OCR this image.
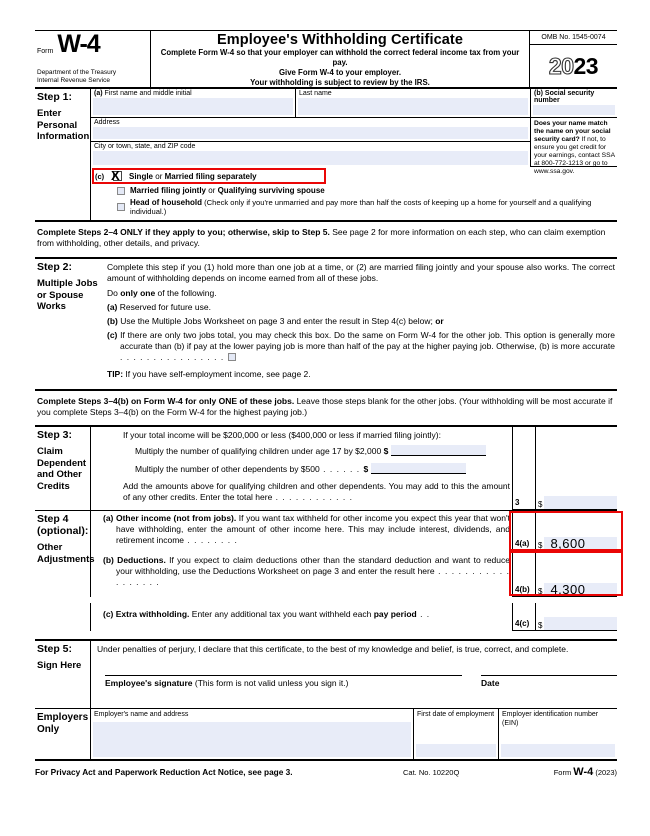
Form W-4
Department of the Treasury
Internal Revenue Service
Employee's Withholding Certificate
Complete Form W-4 so that your employer can withhold the correct federal income tax from your pay.
Give Form W-4 to your employer.
Your withholding is subject to review by the IRS.
OMB No. 1545-0074
20 23
Step 1:
Enter Personal Information
(a) First name and middle initial	Last name
Address
City or town, state, and ZIP code
(b) Social security number
Does your name match the name on your social security card? If not, to ensure you get credit for your earnings, contact SSA at 800-772-1213 or go to www.ssa.gov.
(c) X Single or Married filing separately
Married filing jointly or Qualifying surviving spouse
Head of household (Check only if you're unmarried and pay more than half the costs of keeping up a home for yourself and a qualifying individual.)
Complete Steps 2–4 ONLY if they apply to you; otherwise, skip to Step 5. See page 2 for more information on each step, who can claim exemption from withholding, other details, and privacy.
Step 2:
Multiple Jobs or Spouse Works

Complete this step if you (1) hold more than one job at a time, or (2) are married filing jointly and your spouse also works. The correct amount of withholding depends on income earned from all of these jobs.

Do only one of the following.

(a) Reserved for future use.

(b) Use the Multiple Jobs Worksheet on page 3 and enter the result in Step 4(c) below; or

(c) If there are only two jobs total, you may check this box. Do the same on Form W-4 for the other job. This option is generally more accurate than (b) if pay at the lower paying job is more than half of the pay at the higher paying job. Otherwise, (b) is more accurate . . . . . . . . . . . . . . . .

TIP: If you have self-employment income, see page 2.

Complete Steps 3–4(b) on Form W-4 for only ONE of these jobs. Leave those steps blank for the other jobs. (Your withholding will be most accurate if you complete Steps 3–4(b) on the Form W-4 for the highest paying job.)
Step 3:
Claim Dependent and Other Credits

If your total income will be $200,000 or less ($400,000 or less if married filing jointly):

Multiply the number of qualifying children under age 17 by $2,000 $

Multiply the number of other dependents by $500 . . . . . . $

Add the amounts above for qualifying children and other dependents. You may add to this the amount of any other credits. Enter the total here . . . . . . . . . . . .

3	$
Step 4 (optional):
Other Adjustments

(a) Other income (not from jobs). If you want tax withheld for other income you expect this year that won't have withholding, enter the amount of other income here. This may include interest, dividends, and retirement income . . . . . . . .	4(a)	$ 8,600

(b) Deductions. If you expect to claim deductions other than the standard deduction and want to reduce your withholding, use the Deductions Worksheet on page 3 and enter the result here . . . . . . . . . . . . . . . . . .

4(b)	$ 4,300

(c) Extra withholding. Enter any additional tax you want withheld each pay period . .

4(c)	$
Step 5:
Sign Here

Under penalties of perjury, I declare that this certificate, to the best of my knowledge and belief, is true, correct, and complete.

Employee's signature (This form is not valid unless you sign it.)	Date
Employers Only
Employer's name and address	First date of employment	Employer identification number (EIN)
For Privacy Act and Paperwork Reduction Act Notice, see page 3.	Cat. No. 10220Q	Form W-4 (2023)
